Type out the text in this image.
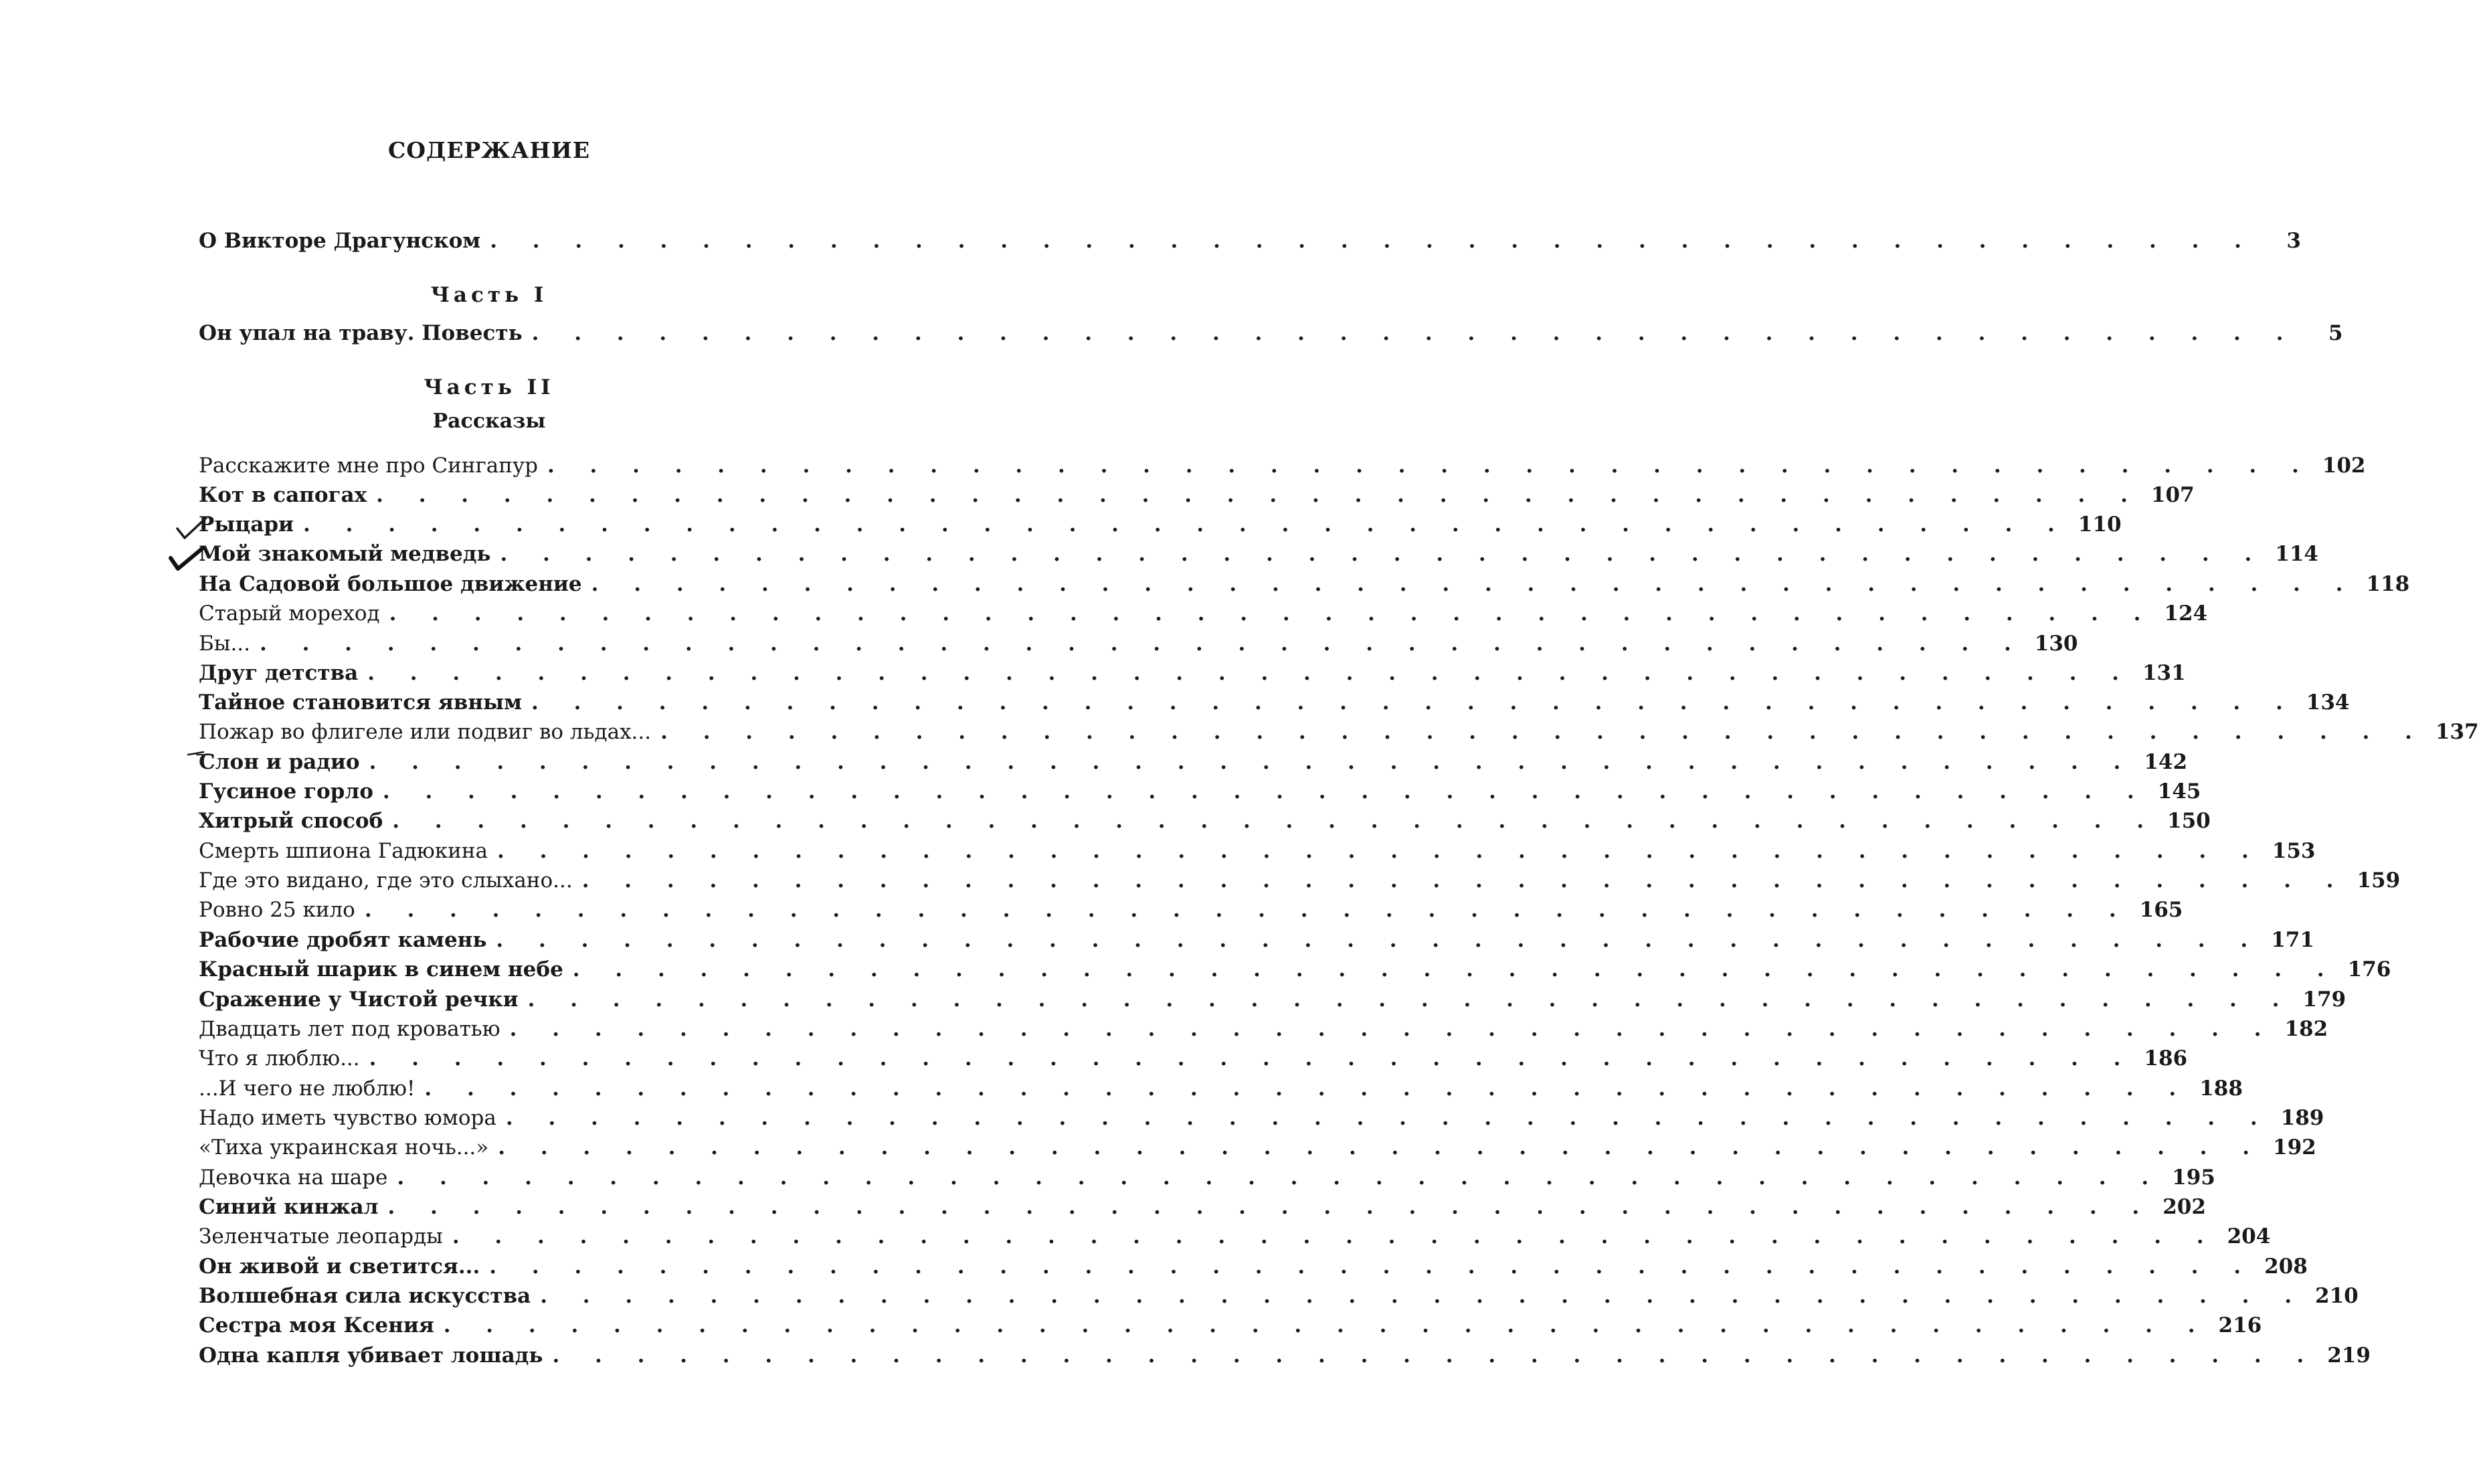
СОДЕРЖАНИЕ
О Викторе Драгунском . . . . . . . . . . . . . . . . . . . . . . . . . . . . . . . . . . . . . . . . . .	3
Часть I
Он упал на траву. Повесть . . . . . . . . . . . . . . . . . . . . . . . . . . . . . . . . . . . . . . . . . .	5
Часть II
Рассказы
Расскажите мне про Сингапур . . . . . . . . . . . . . . . . . . . . . . . . . . . . . . . . . . . . . . . . . . 102
Кот в сапогах . . . . . . . . . . . . . . . . . . . . . . . . . . . . . . . . . . . . . . . . . . 107
Рыцари . . . . . . . . . . . . . . . . . . . . . . . . . . . . . . . . . . . . . . . . . . 110
Мой знакомый медведь . . . . . . . . . . . . . . . . . . . . . . . . . . . . . . . . . . . . . . . . . . 114
На Садовой большое движение . . . . . . . . . . . . . . . . . . . . . . . . . . . . . . . . . . . . . . . . . . 118
Старый мореход . . . . . . . . . . . . . . . . . . . . . . . . . . . . . . . . . . . . . . . . . . 124
Бы... . . . . . . . . . . . . . . . . . . . . . . . . . . . . . . . . . . . . . . . . . . 130
Друг детства . . . . . . . . . . . . . . . . . . . . . . . . . . . . . . . . . . . . . . . . . . 131
Тайное становится явным . . . . . . . . . . . . . . . . . . . . . . . . . . . . . . . . . . . . . . . . . . 134
Пожар во флигеле или подвиг во льдах... . . . . . . . . . . . . . . . . . . . . . . . . . . . . . . . . . . . . . . . . . . 137
Слон и радио . . . . . . . . . . . . . . . . . . . . . . . . . . . . . . . . . . . . . . . . . . 142
Гусиное горло . . . . . . . . . . . . . . . . . . . . . . . . . . . . . . . . . . . . . . . . . . 145
Хитрый способ . . . . . . . . . . . . . . . . . . . . . . . . . . . . . . . . . . . . . . . . . . 150
Смерть шпиона Гадюкина . . . . . . . . . . . . . . . . . . . . . . . . . . . . . . . . . . . . . . . . . . 153
Где это видано, где это слыхано... . . . . . . . . . . . . . . . . . . . . . . . . . . . . . . . . . . . . . . . . . . 159
Ровно 25 кило . . . . . . . . . . . . . . . . . . . . . . . . . . . . . . . . . . . . . . . . . . 165
Рабочие дробят камень . . . . . . . . . . . . . . . . . . . . . . . . . . . . . . . . . . . . . . . . . . 171
Красный шарик в синем небе . . . . . . . . . . . . . . . . . . . . . . . . . . . . . . . . . . . . . . . . . . 176
Сражение у Чистой речки . . . . . . . . . . . . . . . . . . . . . . . . . . . . . . . . . . . . . . . . . . 179
Двадцать лет под кроватью . . . . . . . . . . . . . . . . . . . . . . . . . . . . . . . . . . . . . . . . . . 182
Что я люблю... . . . . . . . . . . . . . . . . . . . . . . . . . . . . . . . . . . . . . . . . . . 186
...И чего не люблю! . . . . . . . . . . . . . . . . . . . . . . . . . . . . . . . . . . . . . . . . . . 188
Надо иметь чувство юмора . . . . . . . . . . . . . . . . . . . . . . . . . . . . . . . . . . . . . . . . . . 189
«Тиха украинская ночь...» . . . . . . . . . . . . . . . . . . . . . . . . . . . . . . . . . . . . . . . . . . 192
Девочка на шаре . . . . . . . . . . . . . . . . . . . . . . . . . . . . . . . . . . . . . . . . . . 195
Синий кинжал . . . . . . . . . . . . . . . . . . . . . . . . . . . . . . . . . . . . . . . . . . 202
Зеленчатые леопарды . . . . . . . . . . . . . . . . . . . . . . . . . . . . . . . . . . . . . . . . . . 204
Он живой и светится... . . . . . . . . . . . . . . . . . . . . . . . . . . . . . . . . . . . . . . . . . . 208
Волшебная сила искусства . . . . . . . . . . . . . . . . . . . . . . . . . . . . . . . . . . . . . . . . . . 210
Сестра моя Ксения . . . . . . . . . . . . . . . . . . . . . . . . . . . . . . . . . . . . . . . . . . 216
Одна капля убивает лошадь . . . . . . . . . . . . . . . . . . . . . . . . . . . . . . . . . . . . . . . . . . 219
